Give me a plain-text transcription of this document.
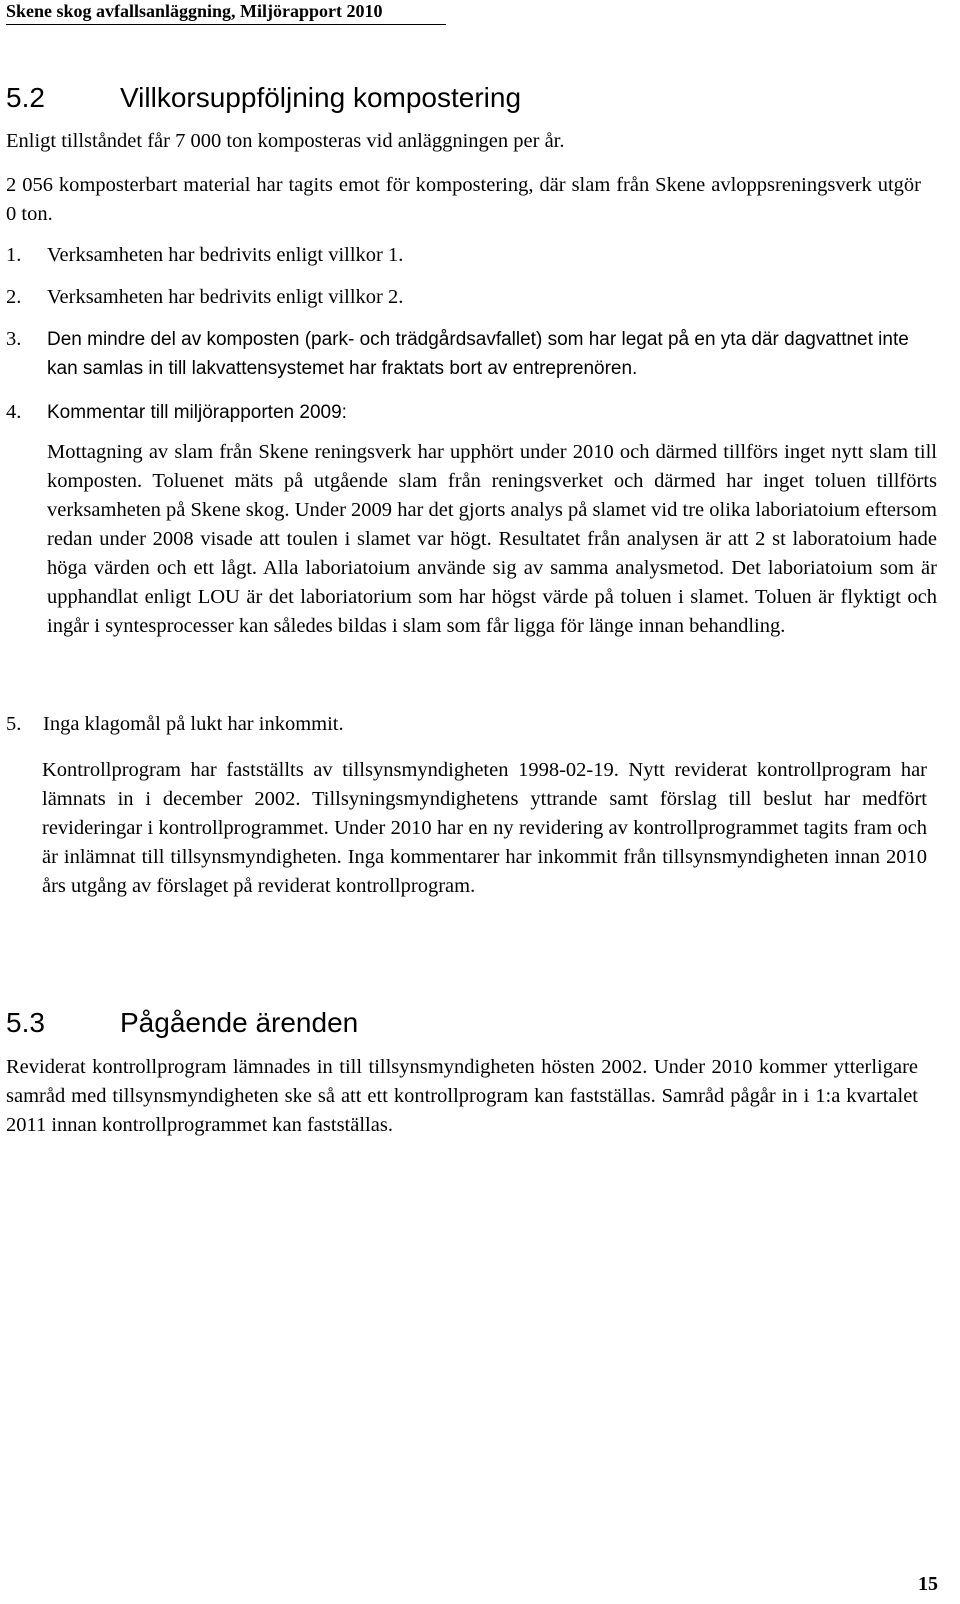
Skene skog avfallsanläggning, Miljörapport 2010
5.2	Villkorsuppföljning kompostering

Enligt tillståndet får 7 000 ton komposteras vid anläggningen per år.

2 056 komposterbart material har tagits emot för kompostering, där slam från Skene avloppsreningsverk utgör 0 ton.

1. Verksamheten har bedrivits enligt villkor 1.
2. Verksamheten har bedrivits enligt villkor 2.
3. Den mindre del av komposten (park- och trädgårdsavfallet) som har legat på en yta där dagvattnet inte kan samlas in till lakvattensystemet har fraktats bort av entreprenören.
4. Kommentar till miljörapporten 2009:

Mottagning av slam från Skene reningsverk har upphört under 2010 och därmed tillförs inget nytt slam till komposten. Toluenet mäts på utgående slam från reningsverket och därmed har inget toluen tillförts verksamheten på Skene skog. Under 2009 har det gjorts analys på slamet vid tre olika laboriatoium eftersom redan under 2008 visade att toulen i slamet var högt. Resultatet från analysen är att 2 st laboratoium hade höga värden och ett lågt. Alla laboriatoium använde sig av samma analysmetod. Det laboriatoium som är upphandlat enligt LOU är det laboriatorium som har högst värde på toluen i slamet. Toluen är flyktigt och ingår i syntesprocesser kan således bildas i slam som får ligga för länge innan behandling.

5. Inga klagomål på lukt har inkommit.

Kontrollprogram har fastställts av tillsynsmyndigheten 1998-02-19. Nytt reviderat kontrollprogram har lämnats in i december 2002. Tillsyningsmyndighetens yttrande samt förslag till beslut har medfört revideringar i kontrollprogrammet. Under 2010 har en ny revidering av kontrollprogrammet tagits fram och är inlämnat till tillsynsmyndigheten. Inga kommentarer har inkommit från tillsynsmyndigheten innan 2010 års utgång av förslaget på reviderat kontrollprogram.

5.3	Pågående ärenden

Reviderat kontrollprogram lämnades in till tillsynsmyndigheten hösten 2002. Under 2010 kommer ytterligare samråd med tillsynsmyndigheten ske så att ett kontrollprogram kan fastställas. Samråd pågår in i 1:a kvartalet 2011 innan kontrollprogrammet kan fastställas.

15
